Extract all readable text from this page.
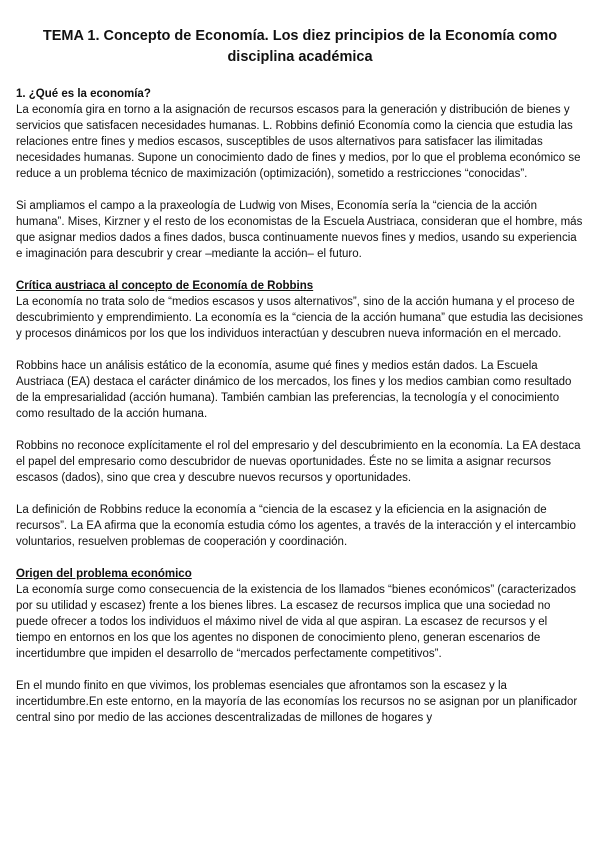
TEMA 1. Concepto de Economía. Los diez principios de la Economía como disciplina académica
1. ¿Qué es la economía?

La economía gira en torno a la asignación de recursos escasos para la generación y distribución de bienes y servicios que satisfacen necesidades humanas. L. Robbins definió Economía como la ciencia que estudia las relaciones entre fines y medios escasos, susceptibles de usos alternativos para satisfacer las ilimitadas necesidades humanas. Supone un conocimiento dado de fines y medios, por lo que el problema económico se reduce a un problema técnico de maximización (optimización), sometido a restricciones “conocidas”.

Si ampliamos el campo a la praxeología de Ludwig von Mises, Economía sería la “ciencia de la acción humana”. Mises, Kirzner y el resto de los economistas de la Escuela Austriaca, consideran que el hombre, más que asignar medios dados a fines dados, busca continuamente nuevos fines y medios, usando su experiencia e imaginación para descubrir y crear –mediante la acción– el futuro.

Crítica austriaca al concepto de Economía de Robbins

La economía no trata solo de “medios escasos y usos alternativos”, sino de la acción humana y el proceso de descubrimiento y emprendimiento. La economía es la “ciencia de la acción humana” que estudia las decisiones y procesos dinámicos por los que los individuos interactúan y descubren nueva información en el mercado.

Robbins hace un análisis estático de la economía, asume qué fines y medios están dados. La Escuela Austriaca (EA) destaca el carácter dinámico de los mercados, los fines y los medios cambian como resultado de la empresarialidad (acción humana). También cambian las preferencias, la tecnología y el conocimiento como resultado de la acción humana.

Robbins no reconoce explícitamente el rol del empresario y del descubrimiento en la economía. La EA destaca el papel del empresario como descubridor de nuevas oportunidades. Éste no se limita a asignar recursos escasos (dados), sino que crea y descubre nuevos recursos y oportunidades.

La definición de Robbins reduce la economía a “ciencia de la escasez y la eficiencia en la asignación de recursos”. La EA afirma que la economía estudia cómo los agentes, a través de la interacción y el intercambio voluntarios, resuelven problemas de cooperación y coordinación.

Origen del problema económico

La economía surge como consecuencia de la existencia de los llamados “bienes económicos” (caracterizados por su utilidad y escasez) frente a los bienes libres. La escasez de recursos implica que una sociedad no puede ofrecer a todos los individuos el máximo nivel de vida al que aspiran. La escasez de recursos y el tiempo en entornos en los que los agentes no disponen de conocimiento pleno, generan escenarios de incertidumbre que impiden el desarrollo de “mercados perfectamente competitivos”.

En el mundo finito en que vivimos, los problemas esenciales que afrontamos son la escasez y la incertidumbre.En este entorno, en la mayoría de las economías los recursos no se asignan por un planificador central sino por medio de las acciones descentralizadas de millones de hogares y
